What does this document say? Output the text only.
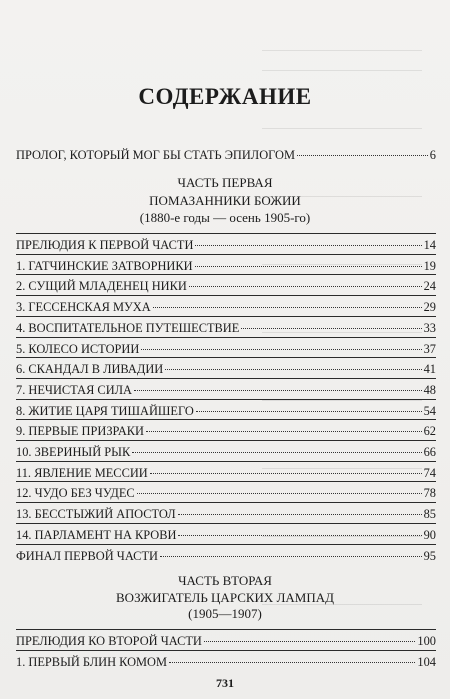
СОДЕРЖАНИЕ
ПРОЛОГ, КОТОРЫЙ МОГ БЫ СТАТЬ ЭПИЛОГОМ	6
ЧАСТЬ ПЕРВАЯ
ПОМАЗАННИКИ БОЖИИ
(1880-е годы — осень 1905-го)
ПРЕЛЮДИЯ К ПЕРВОЙ ЧАСТИ	14
1. ГАТЧИНСКИЕ ЗАТВОРНИКИ	19
2. СУЩИЙ МЛАДЕНЕЦ НИКИ	24
3. ГЕССЕНСКАЯ МУХА	29
4. ВОСПИТАТЕЛЬНОЕ ПУТЕШЕСТВИЕ	33
5. КОЛЕСО ИСТОРИИ	37
6. СКАНДАЛ В ЛИВАДИИ	41
7. НЕЧИСТАЯ СИЛА	48
8. ЖИТИЕ ЦАРЯ ТИШАЙШЕГО	54
9. ПЕРВЫЕ ПРИЗРАКИ	62
10. ЗВЕРИНЫЙ РЫК	66
11. ЯВЛЕНИЕ МЕССИИ	74
12. ЧУДО БЕЗ ЧУДЕС	78
13. БЕССТЫЖИЙ АПОСТОЛ	85
14. ПАРЛАМЕНТ НА КРОВИ	90
ФИНАЛ ПЕРВОЙ ЧАСТИ	95
ЧАСТЬ ВТОРАЯ
ВОЗЖИГАТЕЛЬ ЦАРСКИХ ЛАМПАД
(1905—1907)
ПРЕЛЮДИЯ КО ВТОРОЙ ЧАСТИ	100
1. ПЕРВЫЙ БЛИН КОМОМ	104
731
